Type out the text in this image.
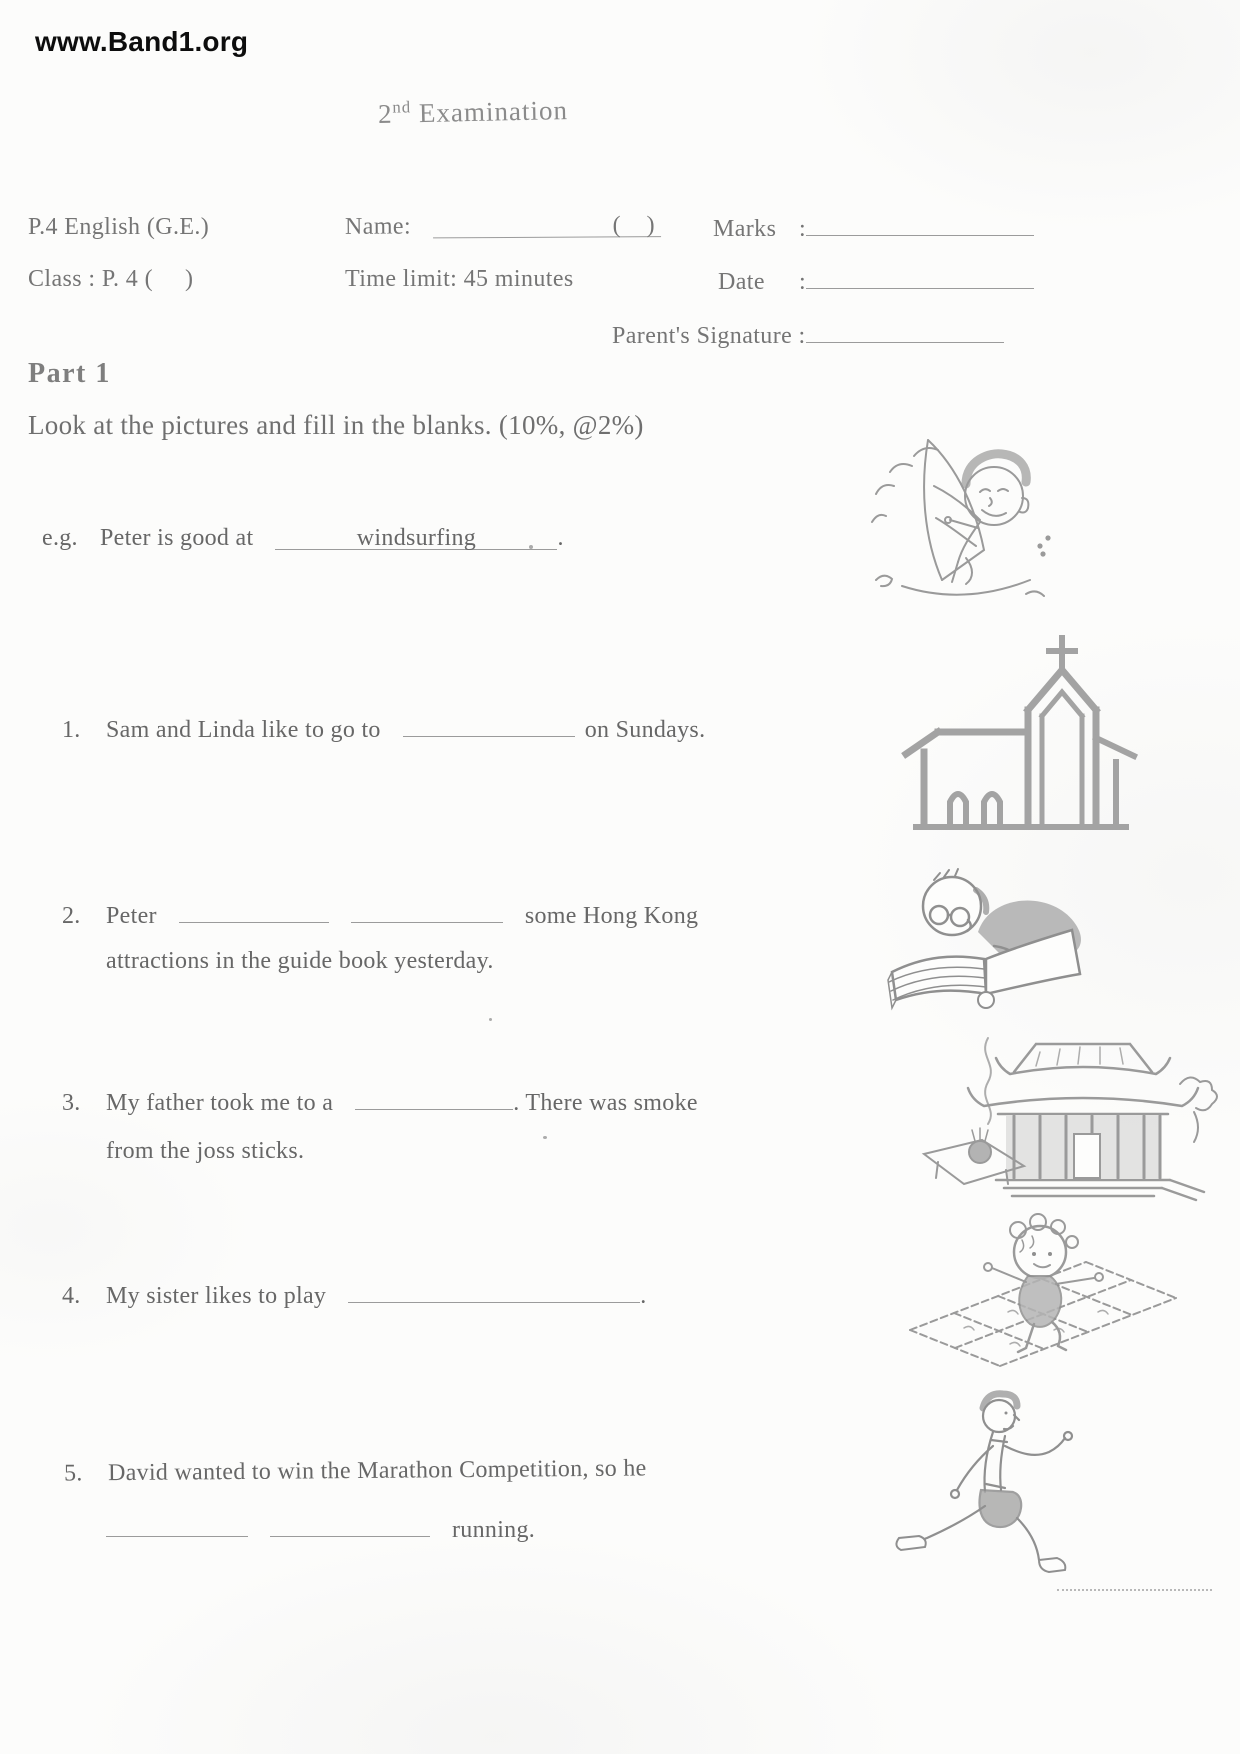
www.Band1.org
2nd Examination
P.4 English (G.E.)	Name:	(    ) Marks :
Class : P. 4 (     )	Time limit: 45 minutes	Date	:
Parent's Signature :
Part 1
Look at the pictures and fill in the blanks. (10%, @2%)
e.g. Peter is good at	windsurfing	.
1.	Sam and Linda like to go to	on Sundays.
2.	Peter	some Hong Kong
attractions in the guide book yesterday.
3.	My father took me to a	. There was smoke
from the joss sticks.
4.	My sister likes to play	.
5.	David wanted to win the Marathon Competition, so he
running.
